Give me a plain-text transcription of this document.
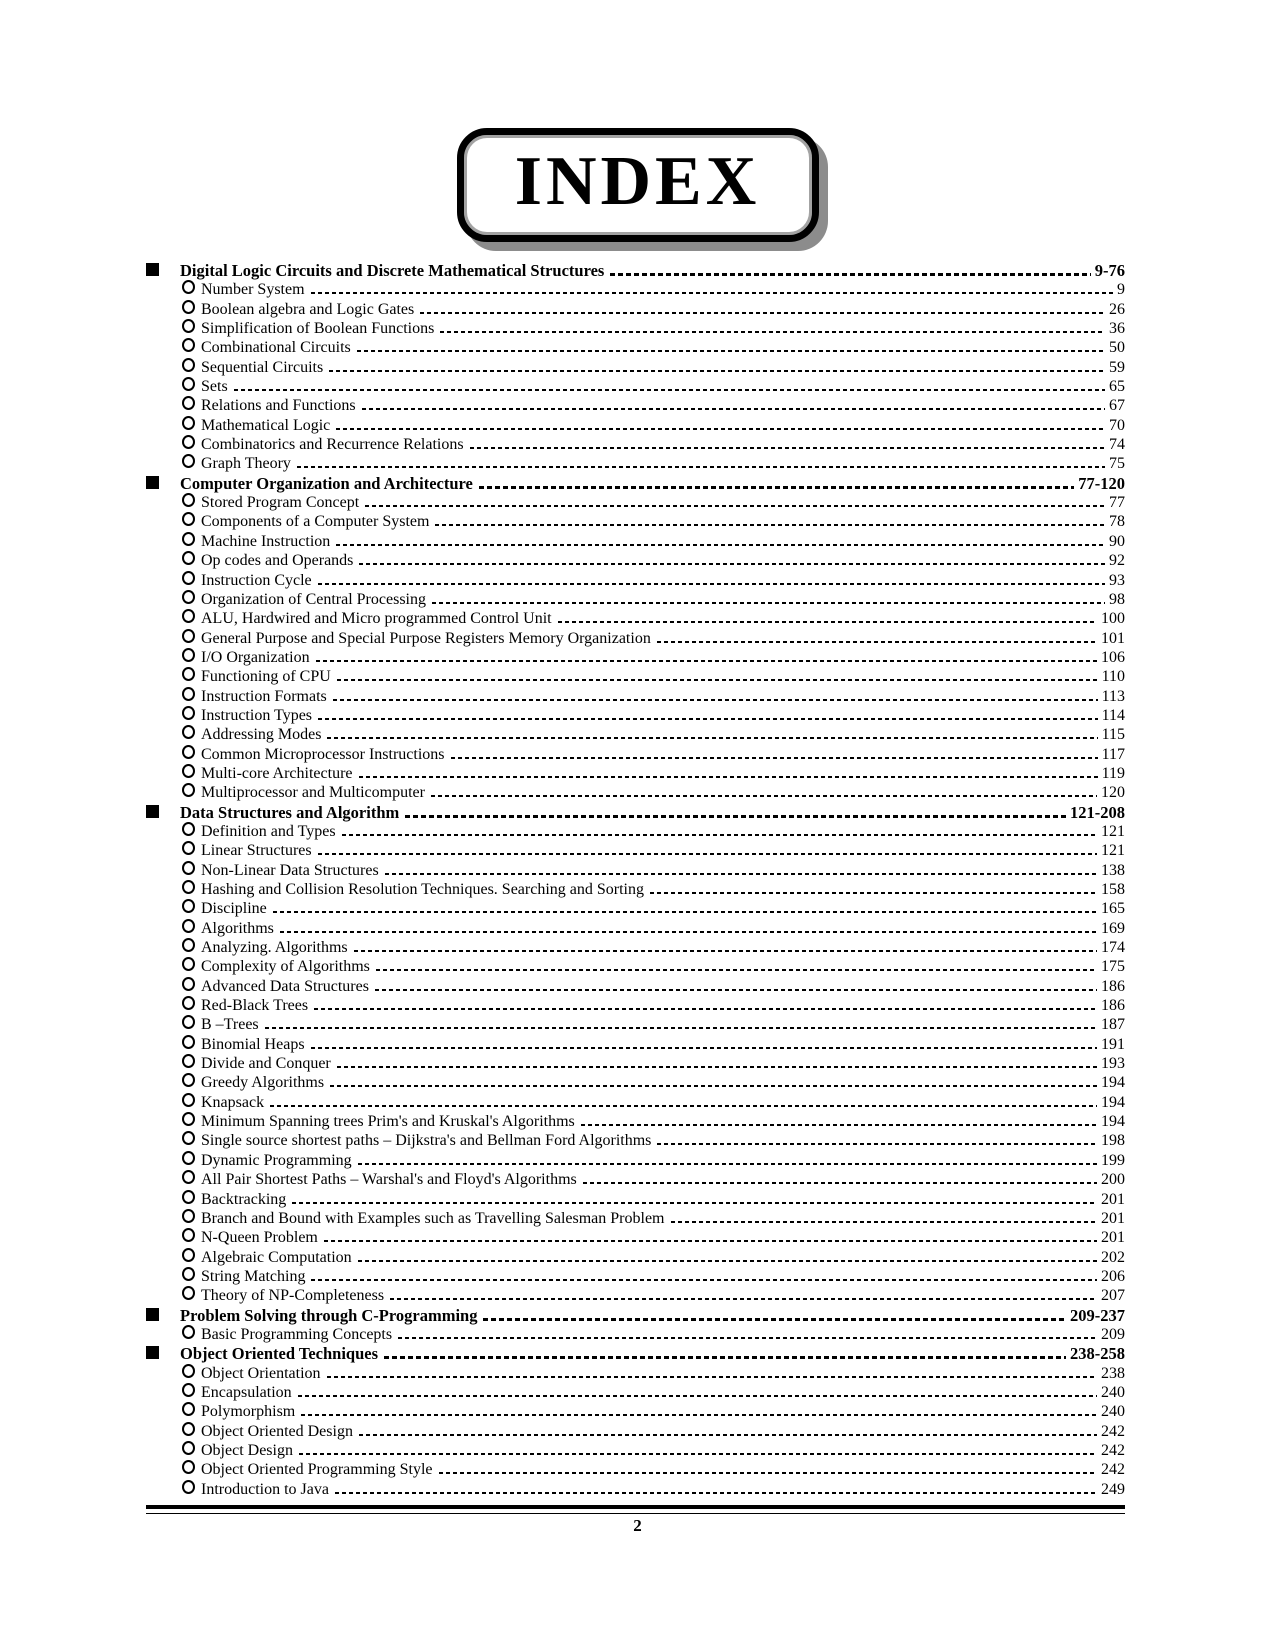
INDEX
Digital Logic Circuits and Discrete Mathematical Structures	9-76
Number System	9
Boolean algebra and Logic Gates	26
Simplification of Boolean Functions	36
Combinational Circuits	50
Sequential Circuits	59
Sets	65
Relations and Functions	67
Mathematical Logic	70
Combinatorics and Recurrence Relations	74
Graph Theory	75
Computer Organization and Architecture	77-120
Stored Program Concept	77
Components of a Computer System	78
Machine Instruction	90
Op codes and Operands	92
Instruction Cycle	93
Organization of Central Processing	98
ALU, Hardwired and Micro programmed Control Unit	100
General Purpose and Special Purpose Registers Memory Organization	101
I/O Organization	106
Functioning of CPU	110
Instruction Formats	113
Instruction Types	114
Addressing Modes	115
Common Microprocessor Instructions	117
Multi-core Architecture	119
Multiprocessor and Multicomputer	120
Data Structures and Algorithm	121-208
Definition and Types	121
Linear Structures	121
Non-Linear Data Structures	138
Hashing and Collision Resolution Techniques. Searching and Sorting	158
Discipline	165
Algorithms	169
Analyzing. Algorithms	174
Complexity of Algorithms	175
Advanced Data Structures	186
Red-Black Trees	186
B –Trees	187
Binomial Heaps	191
Divide and Conquer	193
Greedy Algorithms	194
Knapsack	194
Minimum Spanning trees Prim's and Kruskal's Algorithms	194
Single source shortest paths – Dijkstra's and Bellman Ford Algorithms	198
Dynamic Programming	199
All Pair Shortest Paths – Warshal's and Floyd's Algorithms	200
Backtracking	201
Branch and Bound with Examples such as Travelling Salesman Problem	201
N-Queen Problem	201
Algebraic Computation	202
String Matching	206
Theory of NP-Completeness	207
Problem Solving through C-Programming	209-237
Basic Programming Concepts	209
Object Oriented Techniques	238-258
Object Orientation	238
Encapsulation	240
Polymorphism	240
Object Oriented Design	242
Object Design	242
Object Oriented Programming Style	242
Introduction to Java	249
2
